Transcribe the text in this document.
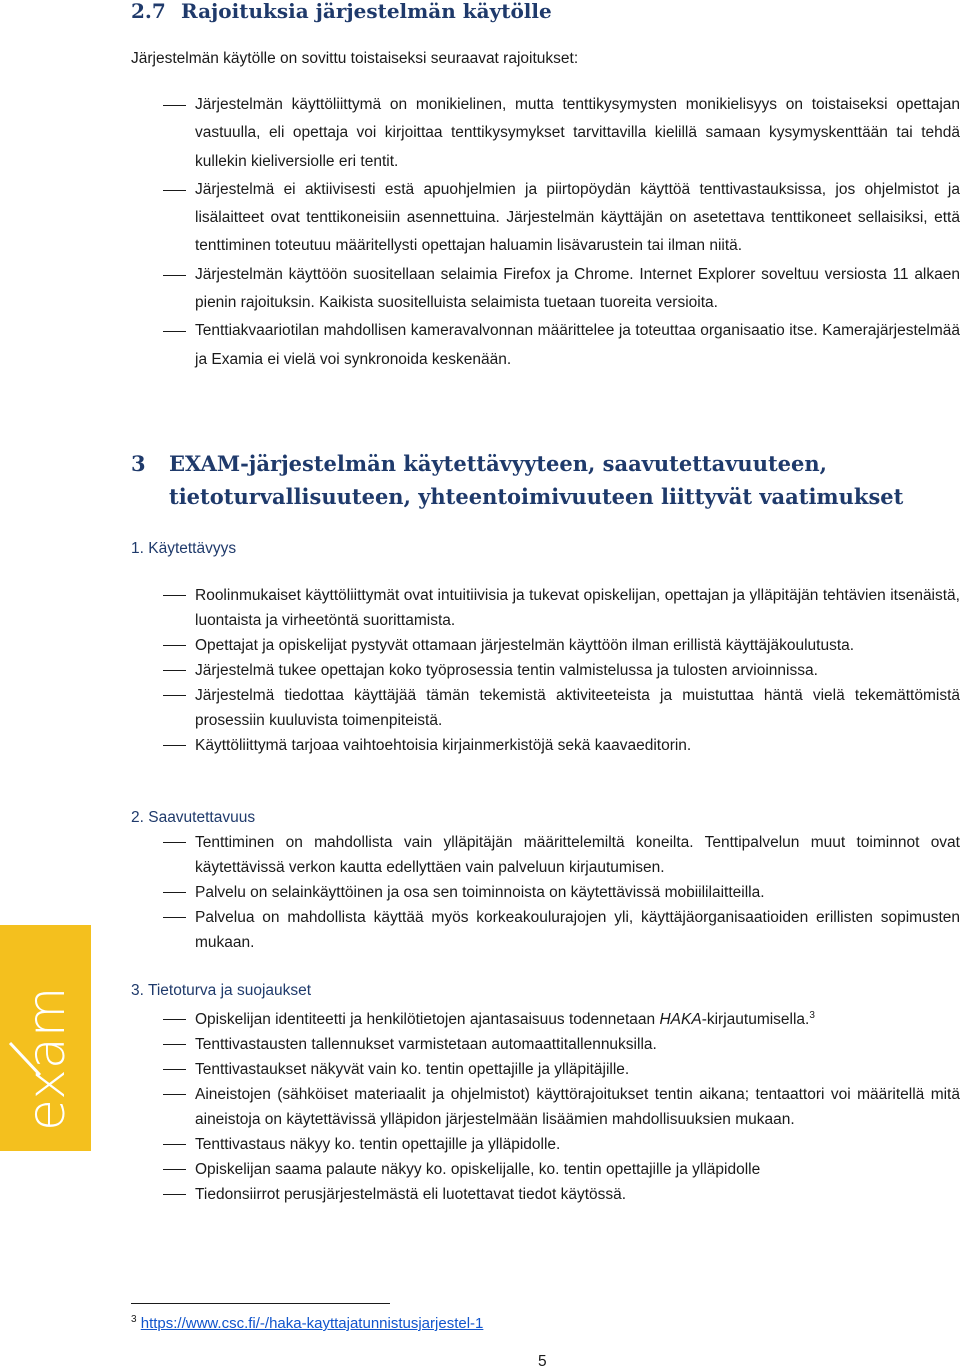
2.7 Rajoituksia järjestelmän käytölle

Järjestelmän käytölle on sovittu toistaiseksi seuraavat rajoitukset:

Järjestelmän käyttöliittymä on monikielinen, mutta tenttikysymysten monikielisyys on toistaiseksi opettajan vastuulla, eli opettaja voi kirjoittaa tenttikysymykset tarvittavilla kielillä samaan kysymyskenttään tai tehdä kullekin kieliversiolle eri tentit.
Järjestelmä ei aktiivisesti estä apuohjelmien ja piirtopöydän käyttöä tenttivastauksissa, jos ohjelmistot ja lisälaitteet ovat tenttikoneisiin asennettuina. Järjestelmän käyttäjän on asetettava tenttikoneet sellaisiksi, että tenttiminen toteutuu määritellysti opettajan haluamin lisävarustein tai ilman niitä.
Järjestelmän käyttöön suositellaan selaimia Firefox ja Chrome. Internet Explorer soveltuu versiosta 11 alkaen pienin rajoituksin. Kaikista suositelluista selaimista tuetaan tuoreita versioita.
Tenttiakvaariotilan mahdollisen kameravalvonnan määrittelee ja toteuttaa organisaatio itse. Kamerajärjestelmää ja Examia ei vielä voi synkronoida keskenään.
3 EXAM-järjestelmän käytettävyyteen, saavutettavuuteen, tietoturvallisuuteen, yhteentoimivuuteen liittyvät vaatimukset

1. Käytettävyys

Roolinmukaiset käyttöliittymät ovat intuitiivisia ja tukevat opiskelijan, opettajan ja ylläpitäjän tehtävien itsenäistä, luontaista ja virheetöntä suorittamista.
Opettajat ja opiskelijat pystyvät ottamaan järjestelmän käyttöön ilman erillistä käyttäjäkoulutusta.
Järjestelmä tukee opettajan koko työprosessia tentin valmistelussa ja tulosten arvioinnissa.
Järjestelmä tiedottaa käyttäjää tämän tekemistä aktiviteeteista ja muistuttaa häntä vielä tekemättömistä prosessiin kuuluvista toimenpiteistä.
Käyttöliittymä tarjoaa vaihtoehtoisia kirjainmerkistöjä sekä kaavaeditorin.

2. Saavutettavuus

Tenttiminen on mahdollista vain ylläpitäjän määrittelemiltä koneilta. Tenttipalvelun muut toiminnot ovat käytettävissä verkon kautta edellyttäen vain palveluun kirjautumisen.
Palvelu on selainkäyttöinen ja osa sen toiminnoista on käytettävissä mobiililaitteilla.
Palvelua on mahdollista käyttää myös korkeakoulurajojen yli, käyttäjäorganisaatioiden erillisten sopimusten mukaan.

3. Tietoturva ja suojaukset

Opiskelijan identiteetti ja henkilötietojen ajantasaisuus todennetaan HAKA-kirjautumisella.$^3$
Tenttivastausten tallennukset varmistetaan automaattitallennuksilla.
Tenttivastaukset näkyvät vain ko. tentin opettajille ja ylläpitäjille.
Aineistojen (sähköiset materiaalit ja ohjelmistot) käyttörajoitukset tentin aikana; tentaattori voi määritellä mitä aineistoja on käytettävissä ylläpidon järjestelmään lisäämien mahdollisuuksien mukaan.
Tenttivastaus näkyy ko. tentin opettajille ja ylläpidolle.
Opiskelijan saama palaute näkyy ko. opiskelijalle, ko. tentin opettajille ja ylläpidolle
Tiedonsiirrot perusjärjestelmästä eli luotettavat tiedot käytössä.

$^3$ https://www.csc.fi/-/haka-kayttajatunnistusjarjestel-1

5
exam
